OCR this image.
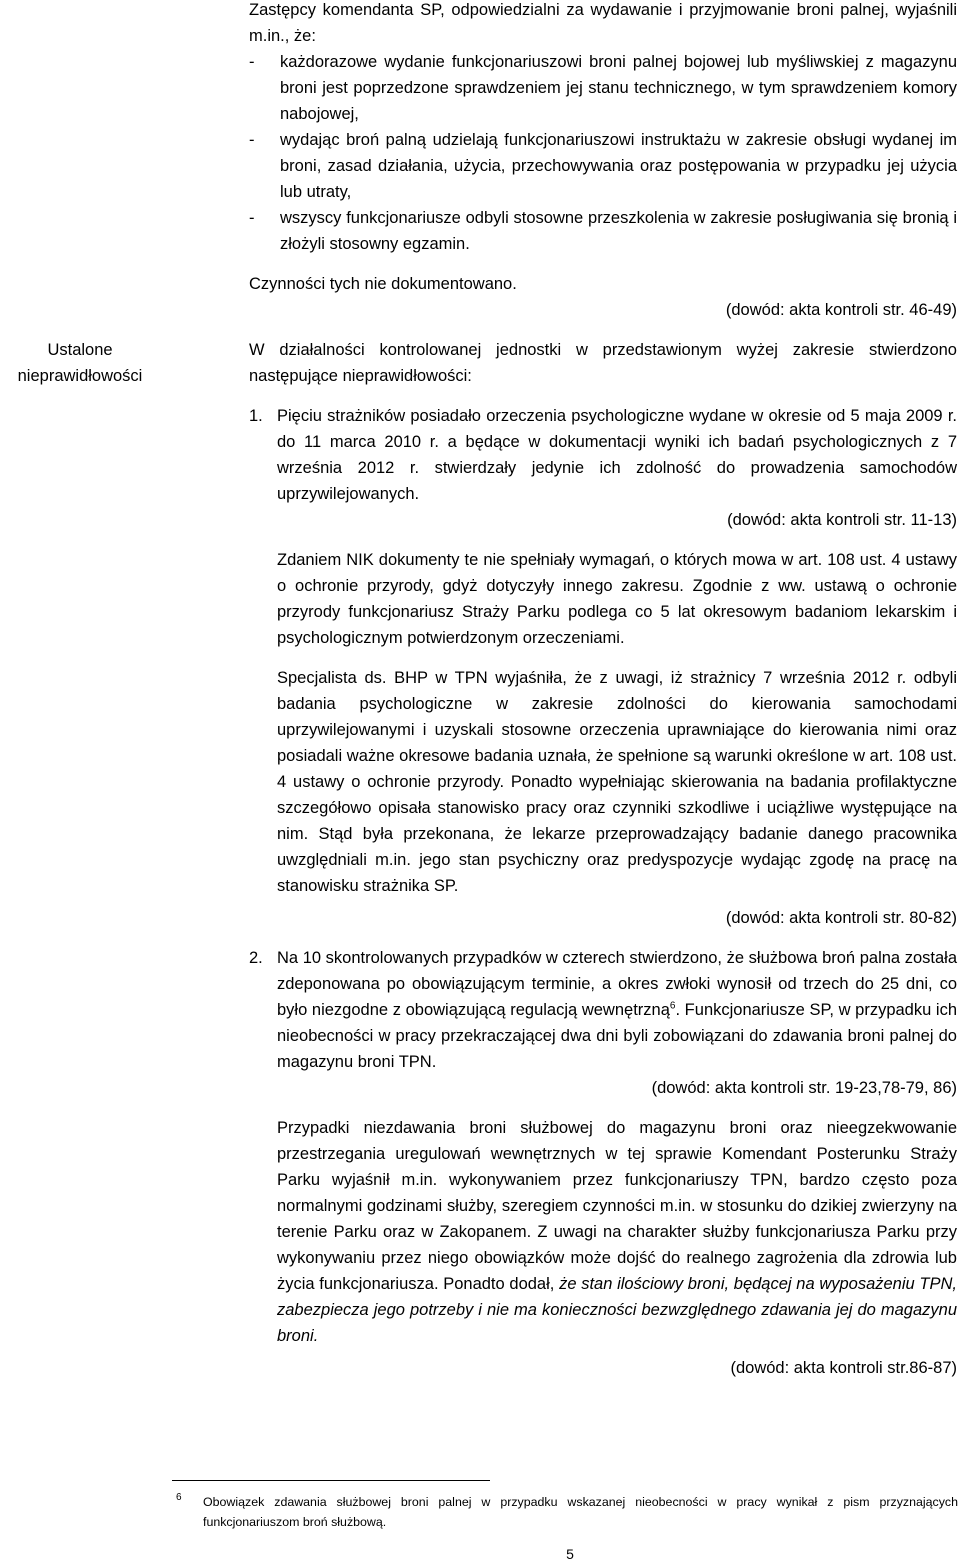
Ustalone nieprawidłowości

Zastępcy komendanta SP, odpowiedzialni za wydawanie i przyjmowanie broni palnej, wyjaśnili m.in., że:

- każdorazowe wydanie funkcjonariuszowi broni palnej bojowej lub myśliwskiej z magazynu broni jest poprzedzone sprawdzeniem jej stanu technicznego, w tym sprawdzeniem komory nabojowej,
- wydając broń palną udzielają funkcjonariuszowi instruktażu w zakresie obsługi wydanej im broni, zasad działania, użycia, przechowywania oraz postępowania w przypadku jej użycia lub utraty,
- wszyscy funkcjonariusze odbyli stosowne przeszkolenia w zakresie posługiwania się bronią i złożyli stosowny egzamin.

Czynności tych nie dokumentowano.

(dowód: akta kontroli str. 46-49)

W działalności kontrolowanej jednostki w przedstawionym wyżej zakresie stwierdzono następujące nieprawidłowości:

1. Pięciu strażników posiadało orzeczenia psychologiczne wydane w okresie od 5 maja 2009 r. do 11 marca 2010 r. a będące w dokumentacji wyniki ich badań psychologicznych z 7 września 2012 r. stwierdzały jedynie ich zdolność do prowadzenia samochodów uprzywilejowanych.

(dowód: akta kontroli str. 11-13)

Zdaniem NIK dokumenty te nie spełniały wymagań, o których mowa w art. 108 ust. 4 ustawy o ochronie przyrody, gdyż dotyczyły innego zakresu. Zgodnie z ww. ustawą o ochronie przyrody funkcjonariusz Straży Parku podlega co 5 lat okresowym badaniom lekarskim i psychologicznym potwierdzonym orzeczeniami.

Specjalista ds. BHP w TPN wyjaśniła, że z uwagi, iż strażnicy 7 września 2012 r. odbyli badania psychologiczne w zakresie zdolności do kierowania samochodami uprzywilejowanymi i uzyskali stosowne orzeczenia uprawniające do kierowania nimi oraz posiadali ważne okresowe badania uznała, że spełnione są warunki określone w art. 108 ust. 4 ustawy o ochronie przyrody. Ponadto wypełniając skierowania na badania profilaktyczne szczegółowo opisała stanowisko pracy oraz czynniki szkodliwe i uciążliwe występujące na nim. Stąd była przekonana, że lekarze przeprowadzający badanie danego pracownika uwzględniali m.in. jego stan psychiczny oraz predyspozycje wydając zgodę na pracę na stanowisku strażnika SP.

(dowód: akta kontroli str. 80-82)

2. Na 10 skontrolowanych przypadków w czterech stwierdzono, że służbowa broń palna została zdeponowana po obowiązującym terminie, a okres zwłoki wynosił od trzech do 25 dni, co było niezgodne z obowiązującą regulacją wewnętrzną$^6$. Funkcjonariusze SP, w przypadku ich nieobecności w pracy przekraczającej dwa dni byli zobowiązani do zdawania broni palnej do magazynu broni TPN.

(dowód: akta kontroli str. 19-23,78-79, 86)

Przypadki niezdawania broni służbowej do magazynu broni oraz nieegzekwowanie przestrzegania uregulowań wewnętrznych w tej sprawie Komendant Posterunku Straży Parku wyjaśnił m.in. wykonywaniem przez funkcjonariuszy TPN, bardzo często poza normalnymi godzinami służby, szeregiem czynności m.in. w stosunku do dzikiej zwierzyny na terenie Parku oraz w Zakopanem. Z uwagi na charakter służby funkcjonariusza Parku przy wykonywaniu przez niego obowiązków może dojść do realnego zagrożenia dla zdrowia lub życia funkcjonariusza. Ponadto dodał, że stan ilościowy broni, będącej na wyposażeniu TPN, zabezpiecza jego potrzeby i nie ma konieczności bezwzględnego zdawania jej do magazynu broni.

(dowód: akta kontroli str.86-87)

6	Obowiązek zdawania służbowej broni palnej w przypadku wskazanej nieobecności w pracy wynikał z pism przyznających funkcjonariuszom broń służbową.
5
